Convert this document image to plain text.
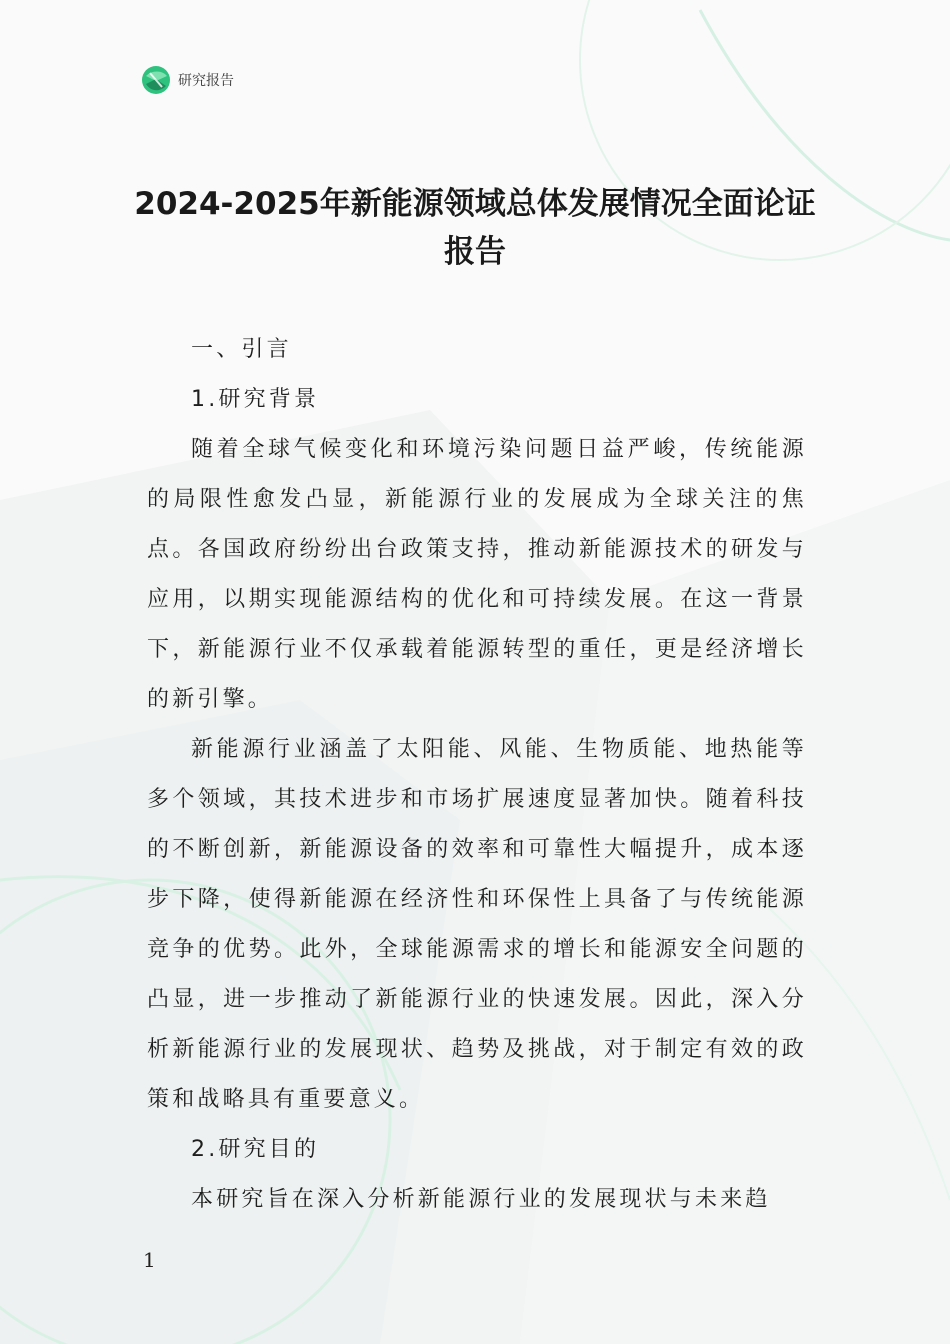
研究报告
2024-2025年新能源领域总体发展情况全面论证报告
一、引言
1.研究背景

随着全球气候变化和环境污染问题日益严峻，传统能源的局限性愈发凸显，新能源行业的发展成为全球关注的焦点。各国政府纷纷出台政策支持，推动新能源技术的研发与应用，以期实现能源结构的优化和可持续发展。在这一背景下，新能源行业不仅承载着能源转型的重任，更是经济增长的新引擎。

新能源行业涵盖了太阳能、风能、生物质能、地热能等多个领域，其技术进步和市场扩展速度显著加快。随着科技的不断创新，新能源设备的效率和可靠性大幅提升，成本逐步下降，使得新能源在经济性和环保性上具备了与传统能源竞争的优势。此外，全球能源需求的增长和能源安全问题的凸显，进一步推动了新能源行业的快速发展。因此，深入分析新能源行业的发展现状、趋势及挑战，对于制定有效的政策和战略具有重要意义。

2.研究目的

本研究旨在深入分析新能源行业的发展现状与未来趋

1
